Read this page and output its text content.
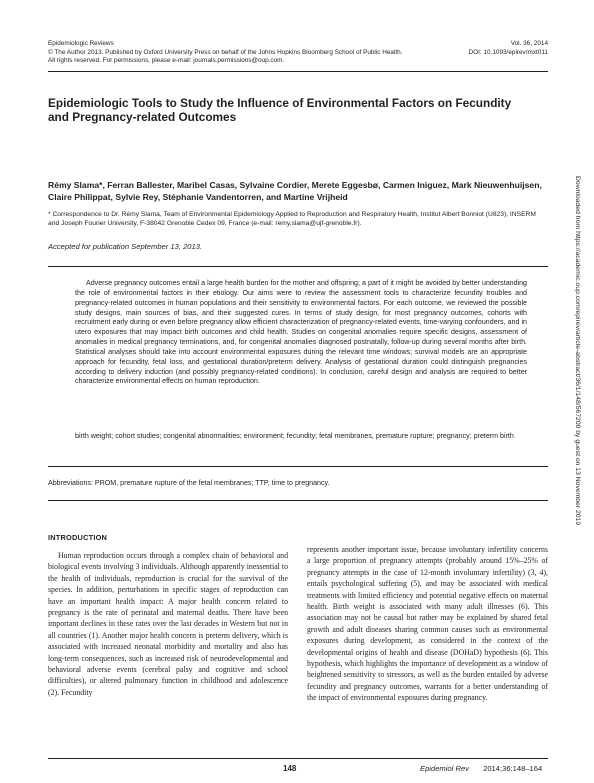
Epidemiologic Reviews
© The Author 2013. Published by Oxford University Press on behalf of the Johns Hopkins Bloomberg School of Public Health.
All rights reserved. For permissions, please e-mail: journals.permissions@oup.com.
Vol. 36, 2014
DOI: 10.1093/epirev/mxt011
Epidemiologic Tools to Study the Influence of Environmental Factors on Fecundity and Pregnancy-related Outcomes
Rémy Slama*, Ferran Ballester, Maribel Casas, Sylvaine Cordier, Merete Eggesbø, Carmen Iniguez, Mark Nieuwenhuijsen, Claire Philippat, Sylvie Rey, Stéphanie Vandentorren, and Martine Vrijheid
* Correspondence to Dr. Rémy Slama, Team of Environmental Epidemiology Applied to Reproduction and Respiratory Health, Institut Albert Bonniot (U823), INSERM and Joseph Fourier University, F-38042 Grenoble Cedex 09, France (e-mail: remy.slama@ujf-grenoble.fr).
Accepted for publication September 13, 2013.
Adverse pregnancy outcomes entail a large health burden for the mother and offspring; a part of it might be avoided by better understanding the role of environmental factors in their etiology. Our aims were to review the assessment tools to characterize fecundity troubles and pregnancy-related outcomes in human populations and their sensitivity to environmental factors. For each outcome, we reviewed the possible study designs, main sources of bias, and their suggested cures. In terms of study design, for most pregnancy outcomes, cohorts with recruitment early during or even before pregnancy allow efficient characterization of pregnancy-related events, time-varying confounders, and in utero exposures that may impact birth outcomes and child health. Studies on congenital anomalies require specific designs, assessment of anomalies in medical pregnancy terminations, and, for congenital anomalies diagnosed postnatally, follow-up during several months after birth. Statistical analyses should take into account environmental exposures during the relevant time windows; survival models are an appropriate approach for fecundity, fetal loss, and gestational duration/preterm delivery. Analysis of gestational duration could distinguish pregnancies according to delivery induction (and possibly pregnancy-related conditions). In conclusion, careful design and analysis are required to better characterize environmental effects on human reproduction.
birth weight; cohort studies; congenital abnormalities; environment; fecundity; fetal membranes, premature rupture; pregnancy; preterm birth
Abbreviations: PROM, premature rupture of the fetal membranes; TTP, time to pregnancy.
INTRODUCTION
Human reproduction occurs through a complex chain of behavioral and biological events involving 3 individuals. Although apparently inessential to the health of individuals, reproduction is crucial for the survival of the species. In addition, perturbations in specific stages of reproduction can have an important health impact: A major health concern related to pregnancy is the rate of perinatal and maternal deaths. There have been important declines in these rates over the last decades in Western but not in all countries (1). Another major health concern is preterm delivery, which is associated with increased neonatal morbidity and mortality and also has long-term consequences, such as increased risk of neurodevelopmental and behavioral adverse events (cerebral palsy and cognitive and school difficulties), or altered pulmonary function in childhood and adolescence (2). Fecundity
represents another important issue, because involuntary infertility concerns a large proportion of pregnancy attempts (probably around 15%–25% of pregnancy attempts in the case of 12-month involuntary infertility) (3, 4), entails psychological suffering (5), and may be associated with medical treatments with limited efficiency and potential negative effects on maternal health. Birth weight is associated with many adult illnesses (6). This association may not be causal but rather may be explained by shared fetal growth and adult diseases sharing common causes such as environmental exposures during development, as considered in the context of the developmental origins of health and disease (DOHaD) hypothesis (6). This hypothesis, which highlights the importance of development as a window of heightened sensitivity to stressors, as well as the burden entailed by adverse fecundity and pregnancy outcomes, warrants for a better understanding of the impact of environmental exposures during pregnancy.
148	Epidemiol Rev 2014;36:148–164
Downloaded from https://academic.oup.com/epirev/article-abstract/36/1/148/567200 by guest on 13 November 2019
